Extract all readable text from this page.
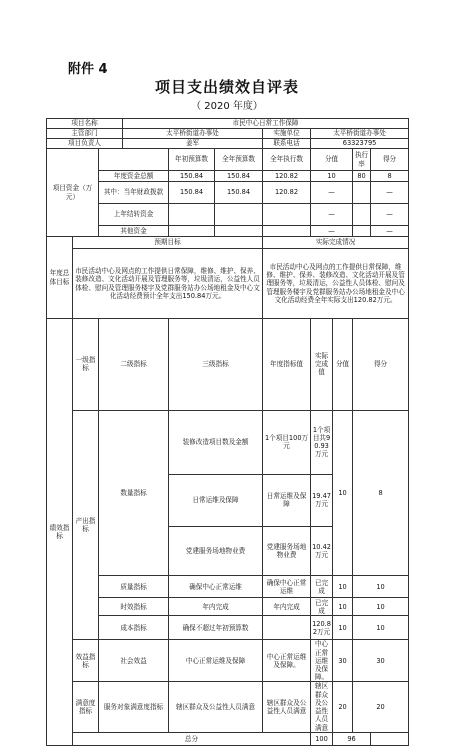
附件 4
项目支出绩效自评表
（ 2020 年度）
项目名称			市民中心日常工作保障								
主管部门			太平桥街道办事处			实施单位	太平桥街道办事处				
项目负责人			姜军			联系电话	63323795				
项目资金（万元）				年初预算数	全年预算数	全年执行数	分值		执行率	得分	
		年度资金总额		150.84	150.84	120.82	10		80	8	
		其中：当年财政拨款		150.84	150.84	120.82	—			—	
		上年结转资金					—			—	
		其他资金					—			—	
年度总体目标	预期目标					实际完成情况					
	市民活动中心及网点的工作提供日常保障，维修、维护、保养、装修改造、文化活动开展及管理服务等，垃圾清运，公益性人员体检、慰问及管理服务楼宇及党群服务站办公场地租金及中心文化活动经费预计全年支出150.84万元。					市民活动中心及网点的工作提供日常保障，维修、维护、保养、装修改造、文化活动开展及管理服务等，垃圾清运，公益性人员体检、慰问及管理服务楼宇及党群服务站办公场地租金及中心文化活动经费全年实际支出120.82万元。					
绩效指标	一级指标	二级指标		三级指标		年度指标值	实际完成值	分值	得分	
	产出指标	数量指标		装修改造项目数及金额		1个项目100万元	1个项目共90.93万元	10	8	
				日常运维及保障		日常运维及保障	19.47万元				
				党建服务场地物业费		党建服务场地物业费	10.42万元				
		质量指标		确保中心正常运维		确保中心正常运维	已完成	10	10		
		时效指标		年内完成		年内完成	已完成	10	10		
		成本指标		确保不超过年初预算数			120.82万元	10	10		
	效益指标	社会效益		中心正常运维及保障		中心正常运维及保障。	中心正常运维及保障。	30	30		
	满意度指标	服务对象满意度指标		辖区群众及公益性人员满意		辖区群众及公益性人员满意	辖区群众及公益性人员满意	20	20		
	总分						100	96			
